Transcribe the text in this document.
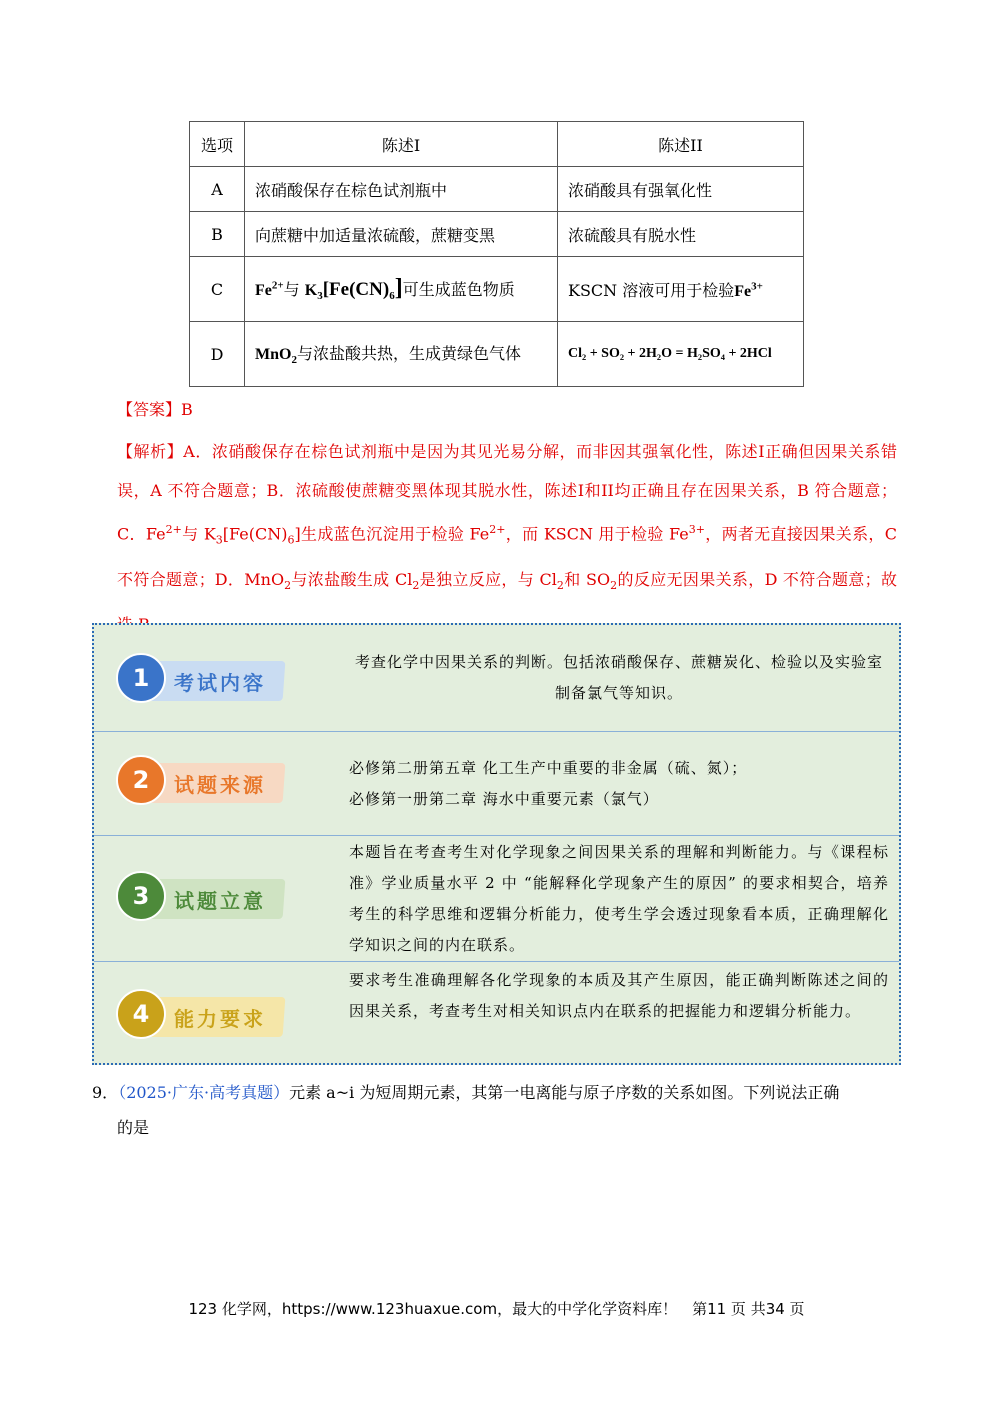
选项	陈述I	陈述II
A	浓硝酸保存在棕色试剂瓶中	浓硝酸具有强氧化性
B	向蔗糖中加适量浓硫酸，蔗糖变黑	浓硫酸具有脱水性
C	$Fe^{2+}$与 $K_3[Fe(CN)_6]$可生成蓝色物质	KSCN 溶液可用于检验$Fe^{3+}$
D	MnO$_2$与浓盐酸共热，生成黄绿色气体	Cl₂ + SO₂ + 2H₂O = H₂SO₄ + 2HCl
【答案】B
【解析】A．浓硝酸保存在棕色试剂瓶中是因为其见光易分解，而非因其强氧化性，陈述I正确但因果关系错误，A 不符合题意；B．浓硫酸使蔗糖变黑体现其脱水性，陈述I和II均正确且存在因果关系，B 符合题意；C．$Fe^{2+}$与 $K_3[Fe(CN)_6]$生成蓝色沉淀用于检验 $Fe^{2+}$，而 KSCN 用于检验 $Fe^{3+}$，两者无直接因果关系，C 不符合题意；D．MnO$_2$与浓盐酸生成 $Cl_2$是独立反应，与 $Cl_2$和 $SO_2$的反应无因果关系，D 不符合题意；故
1	考试内容
考查化学中因果关系的判断。包括浓硝酸保存、蔗糖炭化、检验以及实验室制备氯气等知识。
2	试题来源
必修第二册第五章 化工生产中重要的非金属（硫、氮）；
必修第一册第二章 海水中重要元素（氯气）
3	试题立意
本题旨在考查考生对化学现象之间因果关系的理解和判断能力。与《课程标准》学业质量水平 2 中 “能解释化学现象产生的原因” 的要求相契合，培养考生的科学思维和逻辑分析能力，使考生学会透过现象看本质，正确理解化学知识之间的内在联系。
4	能力要求
要求考生准确理解各化学现象的本质及其产生原因，能正确判断陈述之间的因果关系，考查考生对相关知识点内在联系的把握能力和逻辑分析能力。
9．（2025·广东·高考真题）元素 a~i 为短周期元素，其第一电离能与原子序数的关系如图。下列说法正确
的是
123 化学网，https://www.123huaxue.com，最大的中学化学资料库！　第11 页 共34 页
